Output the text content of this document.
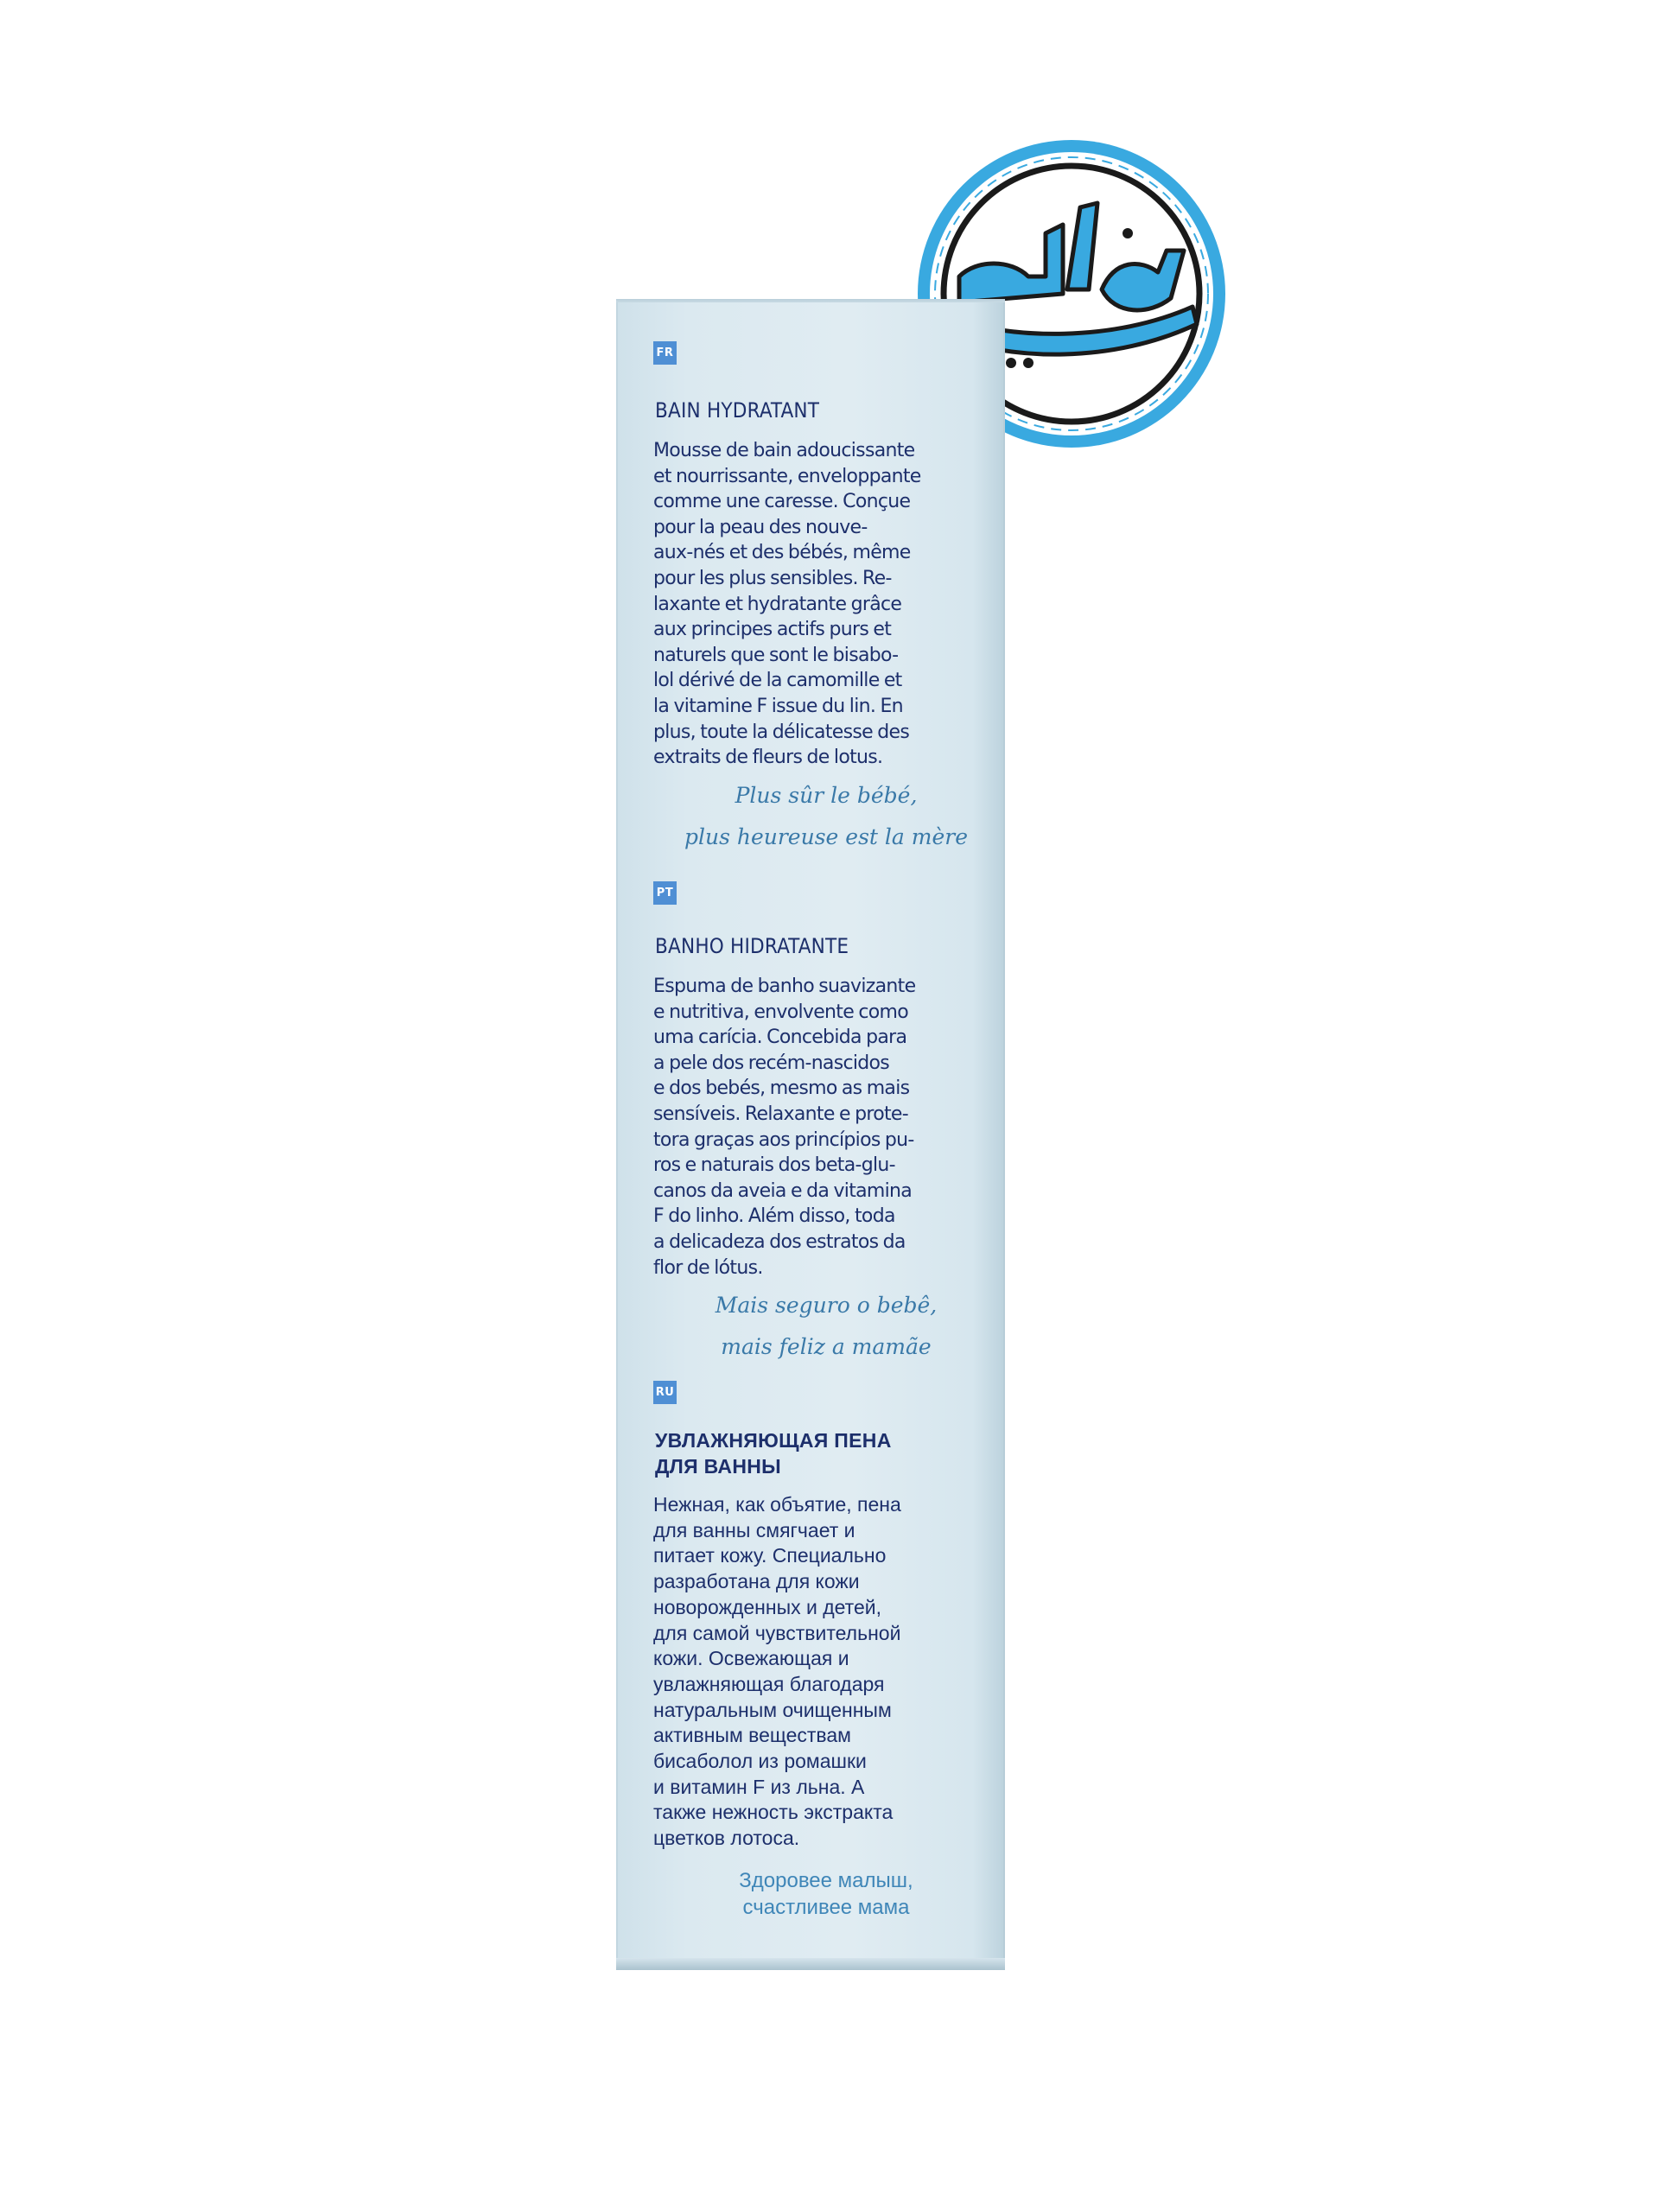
FR
BAIN HYDRATANT
Mousse de bain adoucissante
et nourrissante, enveloppante
comme une caresse. Conçue
pour la peau des nouve-
aux-nés et des bébés, même
pour les plus sensibles. Re-
laxante et hydratante grâce
aux principes actifs purs et
naturels que sont le bisabo-
lol dérivé de la camomille et
la vitamine F issue du lin. En
plus, toute la délicatesse des
extraits de fleurs de lotus.
Plus sûr le bébé,
plus heureuse est la mère
PT
BANHO HIDRATANTE
Espuma de banho suavizante
e nutritiva, envolvente como
uma carícia. Concebida para
a pele dos recém-nascidos
e dos bebés, mesmo as mais
sensíveis. Relaxante e prote-
tora graças aos princípios pu-
ros e naturais dos beta-glu-
canos da aveia e da vitamina
F do linho. Além disso, toda
a delicadeza dos estratos da
flor de lótus.
Mais seguro o bebê,
mais feliz a mamãe
RU
УВЛАЖНЯЮЩАЯ ПЕНА
ДЛЯ ВАННЫ
Нежная, как объятие, пена
для ванны смягчает и
питает кожу. Специально
разработана для кожи
новорожденных и детей,
для самой чувствительной
кожи. Освежающая и
увлажняющая благодаря
натуральным очищенным
активным веществам
бисаболол из ромашки
и витамин F из льна. А
также нежность экстракта
цветков лотоса.
Здоровее малыш,
счастливее мама
